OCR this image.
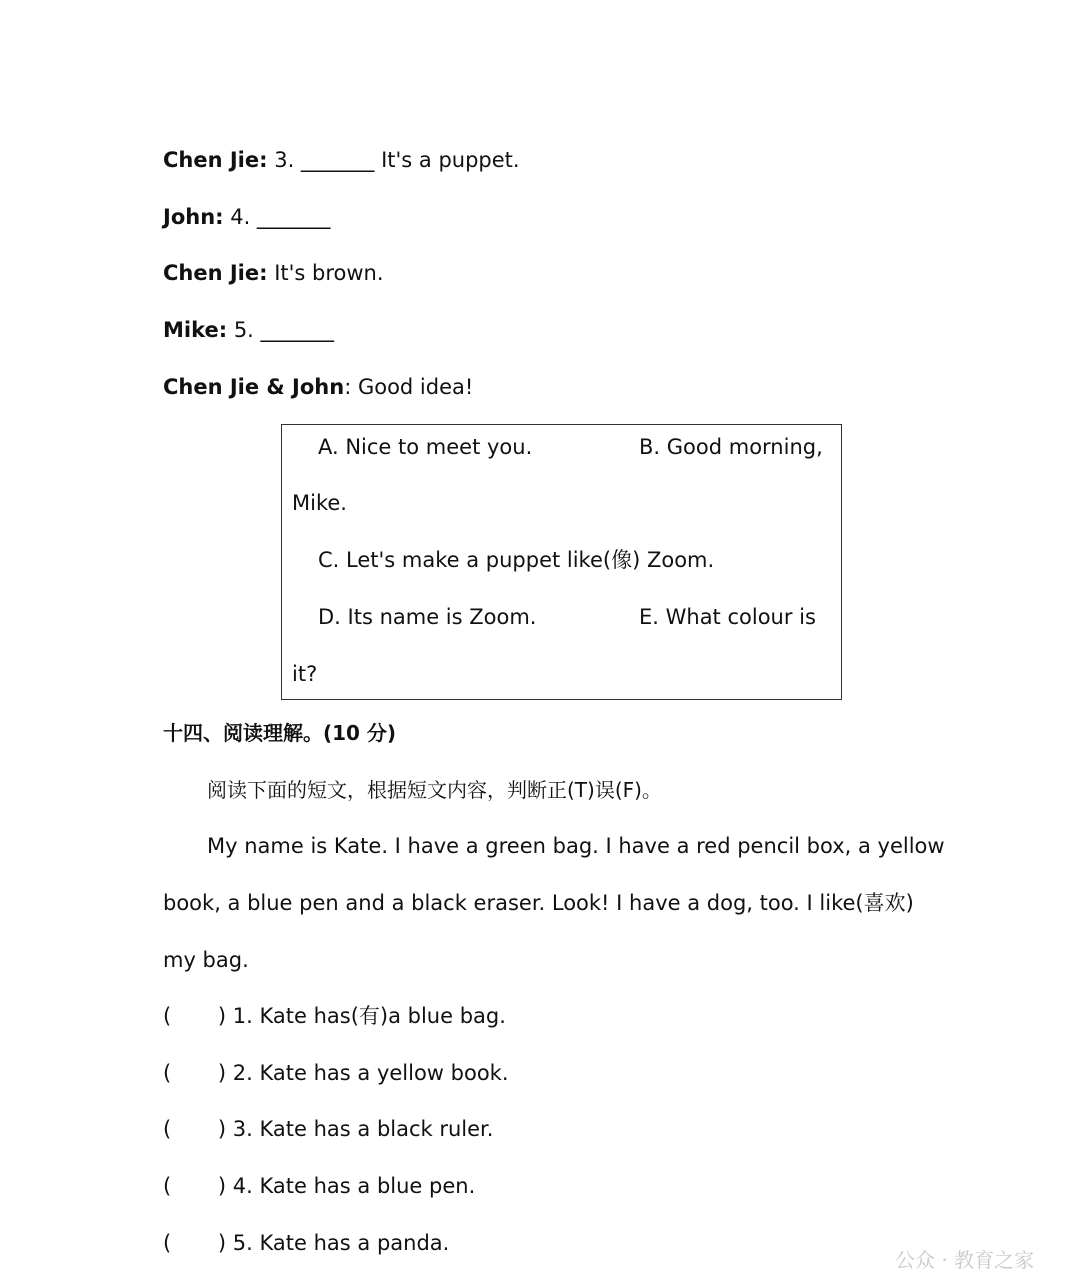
Chen Jie: 3. _______ It's a puppet.
John: 4. _______
Chen Jie: It's brown.
Mike: 5. _______
Chen Jie & John: Good idea!
A. Nice to meet you.	B. Good morning,
Mike.
C. Let's make a puppet like(像) Zoom.
D. Its name is Zoom.	E. What colour is
it?
十四、阅读理解。(10 分)
阅读下面的短文，根据短文内容，判断正(T)误(F)。
My name is Kate. I have a green bag. I have a red pencil box, a yellow
book, a blue pen and a black eraser. Look! I have a dog, too. I like(喜欢)
my bag.
(       ) 1. Kate has(有)a blue bag.
(       ) 2. Kate has a yellow book.
(       ) 3. Kate has a black ruler.
(       ) 4. Kate has a blue pen.
(       ) 5. Kate has a panda.
公众 · 教育之家
